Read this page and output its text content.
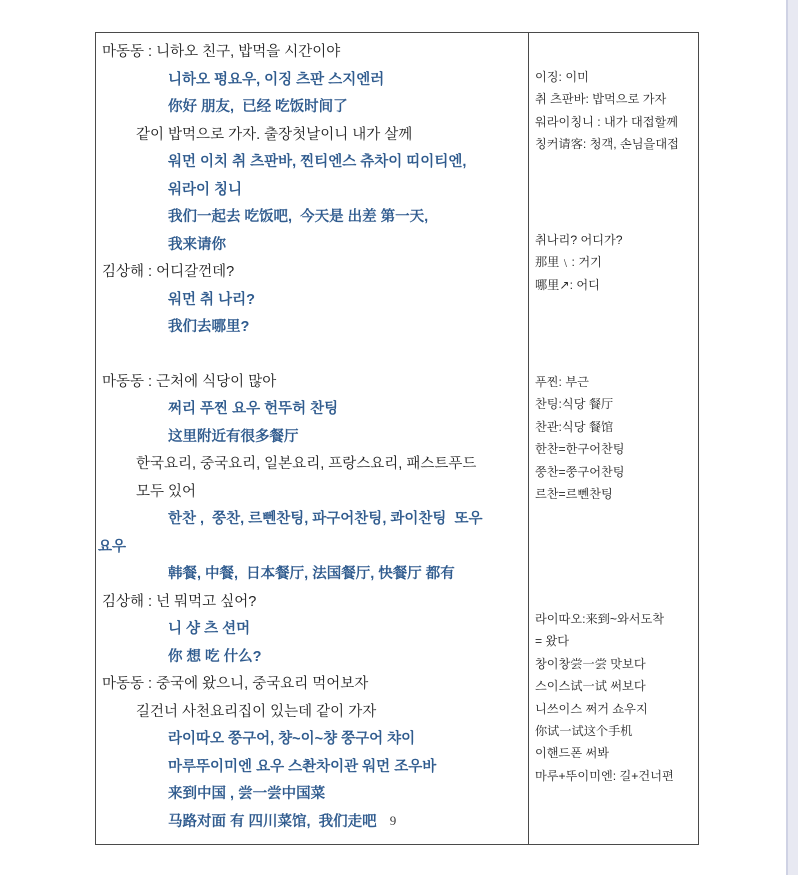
마동동 : 니하오 친구, 밥먹을 시간이야
니하오 펑요우, 이징 츠판 스지엔러
你好 朋友,  已经 吃饭时间了
같이 밥먹으로 가자. 출장첫날이니 내가 살께
워먼 이치 취 츠판바, 찐티엔스 츄차이 띠이티엔,
워라이 칭니
我们一起去 吃饭吧,  今天是 出差 第一天,
我来请你
김상해 : 어디갈껀데?
워먼 취 나리?
我们去哪里?
마동동 : 근처에 식당이 많아
쩌리 푸찐 요우 헌뚜허 찬팅
这里附近有很多餐厅
한국요리, 중국요리, 일본요리, 프랑스요리, 패스트푸드
모두 있어
한찬 ,  쭝찬, 르뻰찬팅, 파구어찬팅, 콰이찬팅  또우
요우
韩餐, 中餐,  日本餐厅, 法国餐厅, 快餐厅 都有
김상해 : 넌 뭐먹고 싶어?
니 샹 츠 션머
你 想 吃 什么?
마동동 : 중국에 왔으니, 중국요리 먹어보자
길건너 사천요리집이 있는데 같이 가자
라이따오 쭝구어, 챵~이~챵 쭝구어 챠이
마루뚜이미엔 요우 스촨차이관 워먼 조우바
来到中国 , 尝一尝中国菜
马路对面 有 四川菜馆,  我们走吧
이징: 이미
취 츠판바: 밥먹으로 가자
워라이칭니 : 내가 대접할께
칭커请客: 청객, 손님을대접
취나리? 어디가?
那里﹨: 거기
哪里↗: 어디
푸찐: 부근
찬팅:식당 餐厅
찬관:식당 餐馆
한찬=한구어찬팅
쭝찬=쭝구어찬팅
르찬=르뻰찬팅
라이따오:来到~와서도착
= 왔다
창이창尝一尝 맛보다
스이스试一试 써보다
니쓰이스 쩌거 쇼우지
你试一试这个手机
이핸드폰 써봐
마루+뚜이미엔: 길+건너편
9
